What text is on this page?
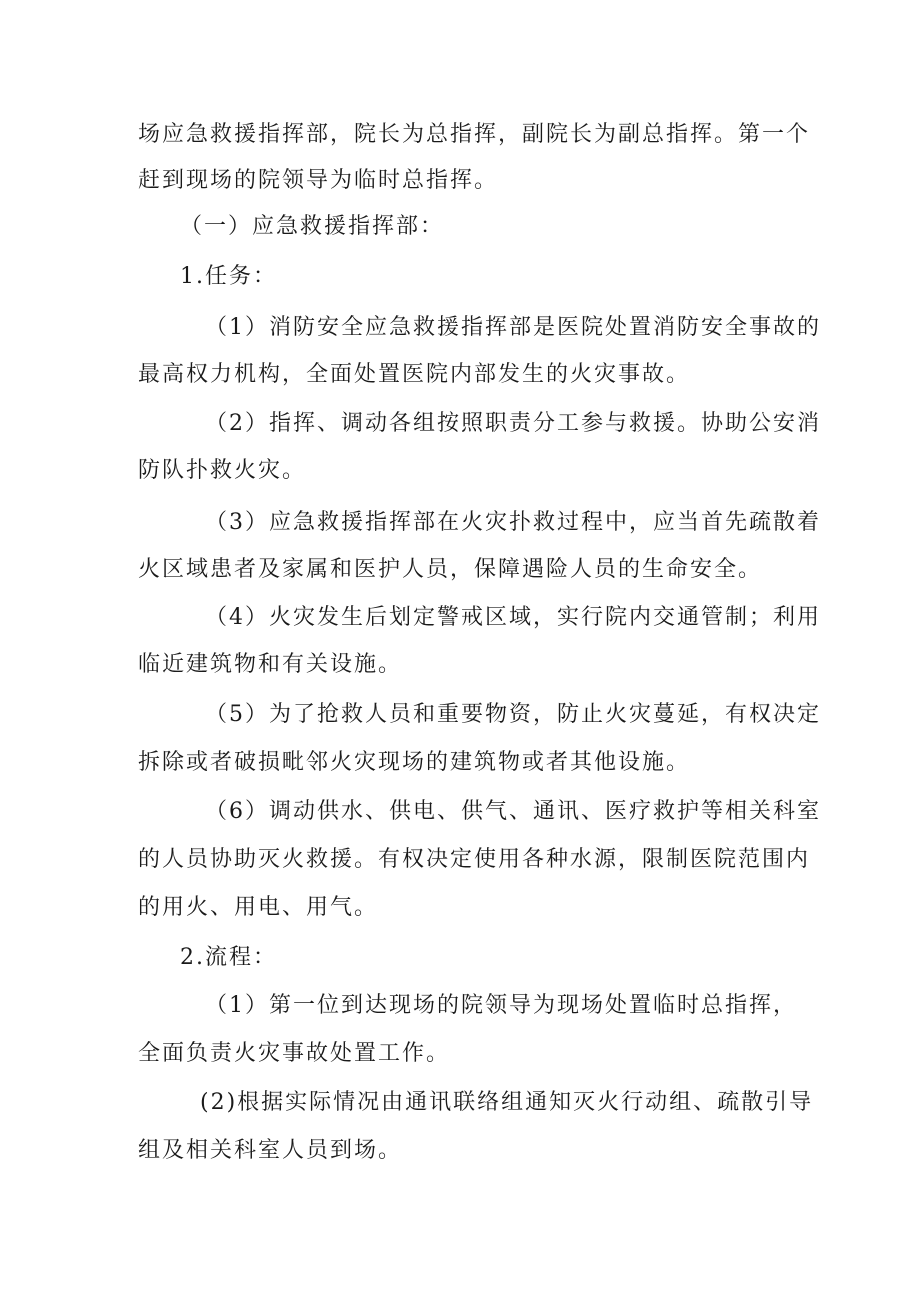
场应急救援指挥部，院长为总指挥，副院长为副总指挥。第一个
赶到现场的院领导为临时总指挥。
（一）应急救援指挥部：
1.任务：
（1）消防安全应急救援指挥部是医院处置消防安全事故的
最高权力机构，全面处置医院内部发生的火灾事故。
（2）指挥、调动各组按照职责分工参与救援。协助公安消
防队扑救火灾。
（3）应急救援指挥部在火灾扑救过程中，应当首先疏散着
火区域患者及家属和医护人员，保障遇险人员的生命安全。
（4）火灾发生后划定警戒区域，实行院内交通管制；利用
临近建筑物和有关设施。
（5）为了抢救人员和重要物资，防止火灾蔓延，有权决定
拆除或者破损毗邻火灾现场的建筑物或者其他设施。
（6）调动供水、供电、供气、通讯、医疗救护等相关科室
的人员协助灭火救援。有权决定使用各种水源，限制医院范围内
的用火、用电、用气。
2.流程：
（1）第一位到达现场的院领导为现场处置临时总指挥，
全面负责火灾事故处置工作。
(2)根据实际情况由通讯联络组通知灭火行动组、疏散引导
组及相关科室人员到场。
